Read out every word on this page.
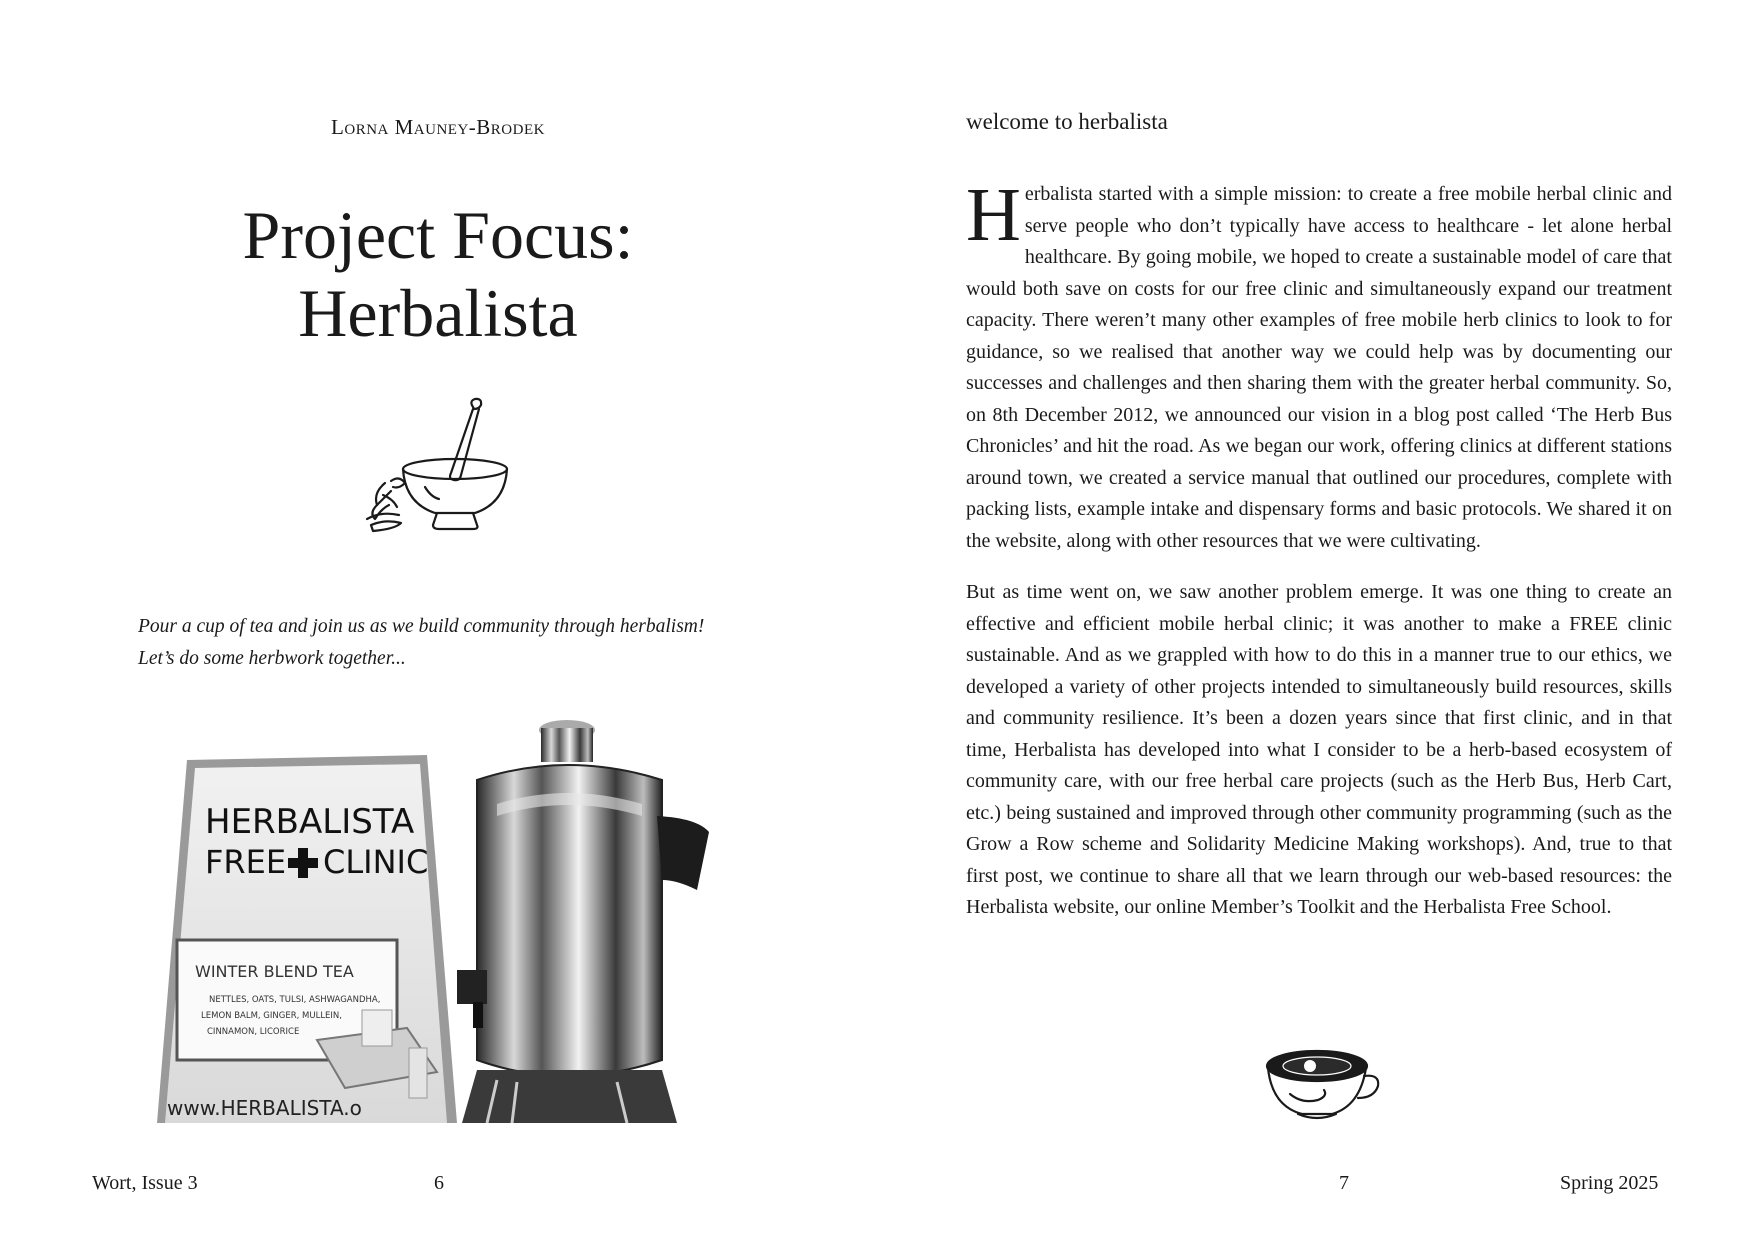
Lorna Mauney-Brodek
Project Focus:
Herbalista
Pour a cup of tea and join us as we build community through herbalism!
Let’s do some herbwork together...
HERBALISTA
FREE CLINIC
WINTER BLEND TEA
NETTLES, OATS, TULSI, ASHWAGANDHA,
LEMON BALM, GINGER, MULLEIN,
CINNAMON, LICORICE
www.HERBALISTA.o
Wort, Issue 3	6
welcome to herbalista

Herbalista started with a simple mission: to create a free mobile herbal clinic and serve people who don’t typically have access to healthcare - let alone herbal healthcare. By going mobile, we hoped to create a sustainable model of care that would both save on costs for our free clinic and simultaneously expand our treatment capacity. There weren’t many other examples of free mobile herb clinics to look to for guidance, so we realised that another way we could help was by documenting our successes and challenges and then sharing them with the greater herbal community. So, on 8th December 2012, we announced our vision in a blog post called ‘The Herb Bus Chronicles’ and hit the road. As we began our work, offering clinics at different stations around town, we created a service manual that outlined our procedures, complete with packing lists, example intake and dispensary forms and basic protocols. We shared it on the website, along with other resources that we were cultivating.

But as time went on, we saw another problem emerge. It was one thing to create an effective and efficient mobile herbal clinic; it was another to make a FREE clinic sustainable. And as we grappled with how to do this in a manner true to our ethics, we developed a variety of other projects intended to simultaneously build resources, skills and community resilience. It’s been a dozen years since that first clinic, and in that time, Herbalista has developed into what I consider to be a herb-based ecosystem of community care, with our free herbal care projects (such as the Herb Bus, Herb Cart, etc.) being sustained and improved through other community programming (such as the Grow a Row scheme and Solidarity Medicine Making workshops). And, true to that first post, we continue to share all that we learn through our web-based resources: the Herbalista website, our online Member’s Toolkit and the Herbalista Free School.

7	Spring 2025
